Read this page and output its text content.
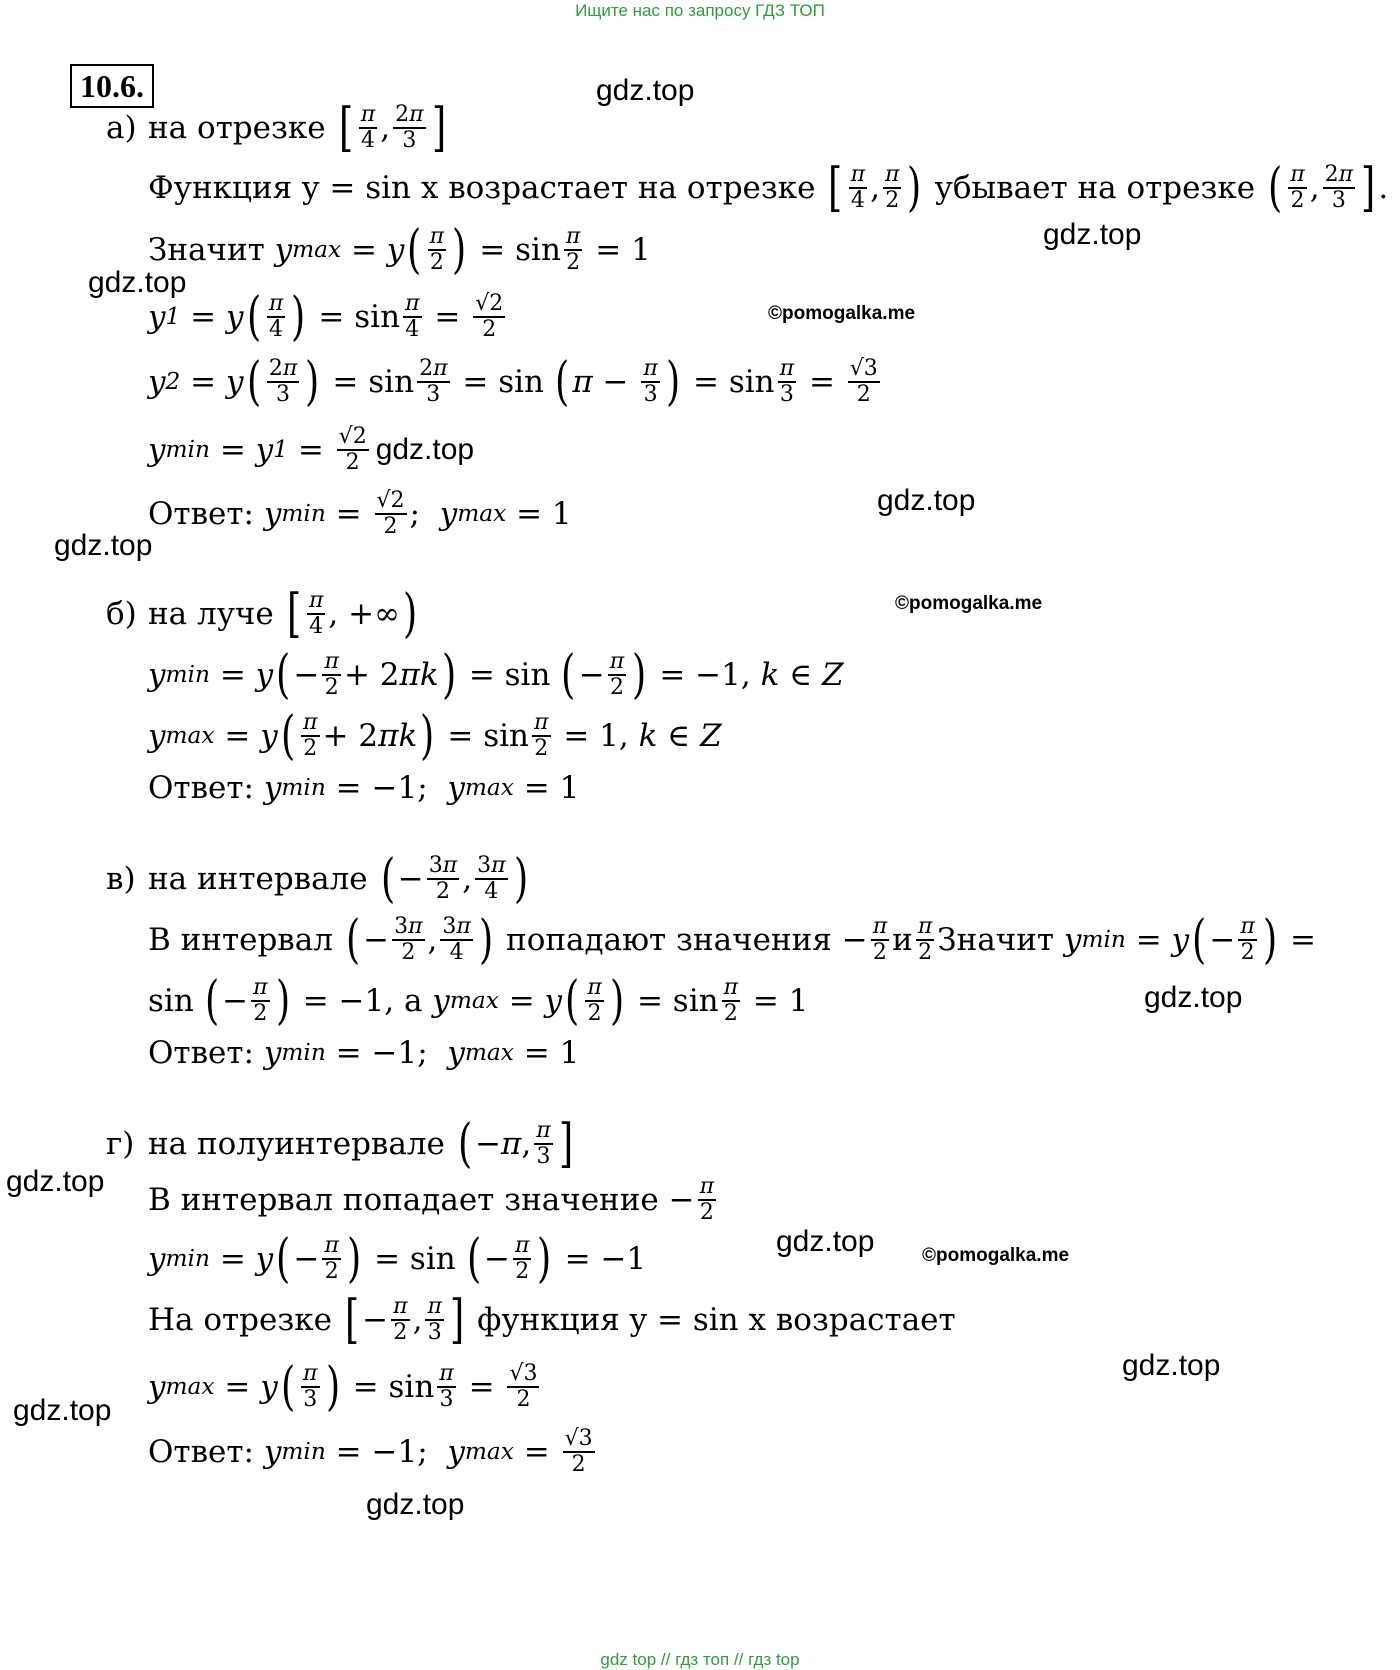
Ищите нас по запросу ГДЗ ТОП
10.6.	gdz.top
gdz.top
gdz.top
©pomogalka.me
gdz.top
gdz.top
©pomogalka.me
gdz.top
gdz.top
gdz.top	©pomogalka.me
gdz.top
gdz.top
gdz.top
а) на отрезке
[ $\frac{\pi}{4}$ , $\frac{2\pi}{3}$ ]
Функция y = sin x возрастает на отрезке
[ $\frac{\pi}{4}$ , $\frac{\pi}{2}$ )
убывает на отрезке
( $\frac{\pi}{2}$ , $\frac{2\pi}{3}$ ] .
Значит
y max = y ( $\frac{\pi}{2}$ ) = $\sin \frac{\pi}{2} = 1$
y 1 = y ( $\frac{\pi}{4}$ ) = $\sin \frac{\pi}{4} = \frac{√2}{2}$
y 2 = y ( $\frac{2\pi}{3}$ ) = $\sin \frac{2\pi}{3} = \sin$ ( $\pi - \frac{\pi}{3}$ ) = $\sin \frac{\pi}{3} = \frac{√3}{2}$
y min = y $1 = \frac{√2}{2} gdz.top$
Ответ:
y $\min = \frac{√2}{2}$ ; y max = 1
б) на луче
[ $\frac{\pi}{4}$ , +∞ )
y min = y ( − $\frac{\pi}{2} + 2$ πk ) = sin ( − $\frac{\pi}{2}$ ) = −1, k ∈ Z
y max = y ( $\frac{\pi}{2} + 2$ πk ) = $\sin \frac{\pi}{2} = 1$, k ∈ Z
Ответ:
y min = −1; y max = 1
в) на интервале
( − $\frac{3\pi}{2}$ , $\frac{3\pi}{4}$ )
В интервал
( − $\frac{3\pi}{2}$ , $\frac{3\pi}{4}$ )
попадают значения − $\frac{\pi}{2}$ и $\frac{\pi}{2}$ Значит
y min = y ( − $\frac{\pi}{2}$ ) =
sin ( − $\frac{\pi}{2}$ ) = −1 , а
y max = y ( $\frac{\pi}{2}$ ) = $\sin \frac{\pi}{2} = 1$
Ответ:
y min = −1; y max = 1
г) на полуинтервале
( − π , $\frac{\pi}{3}$ ]
В интервал попадает значение − $\frac{\pi}{2}$
y min = y ( − $\frac{\pi}{2}$ ) = sin ( − $\frac{\pi}{2}$ ) = −1
На отрезке
[ − $\frac{\pi}{2}$ , $\frac{\pi}{3}$ ]
функция y = sin x возрастает
y max = y ( $\frac{\pi}{3}$ ) = $\sin \frac{\pi}{3} = \frac{√3}{2}$
Ответ:
y min = −1; y $\max = \frac{√3}{2}$
gdz top // гдз топ // гдз top
